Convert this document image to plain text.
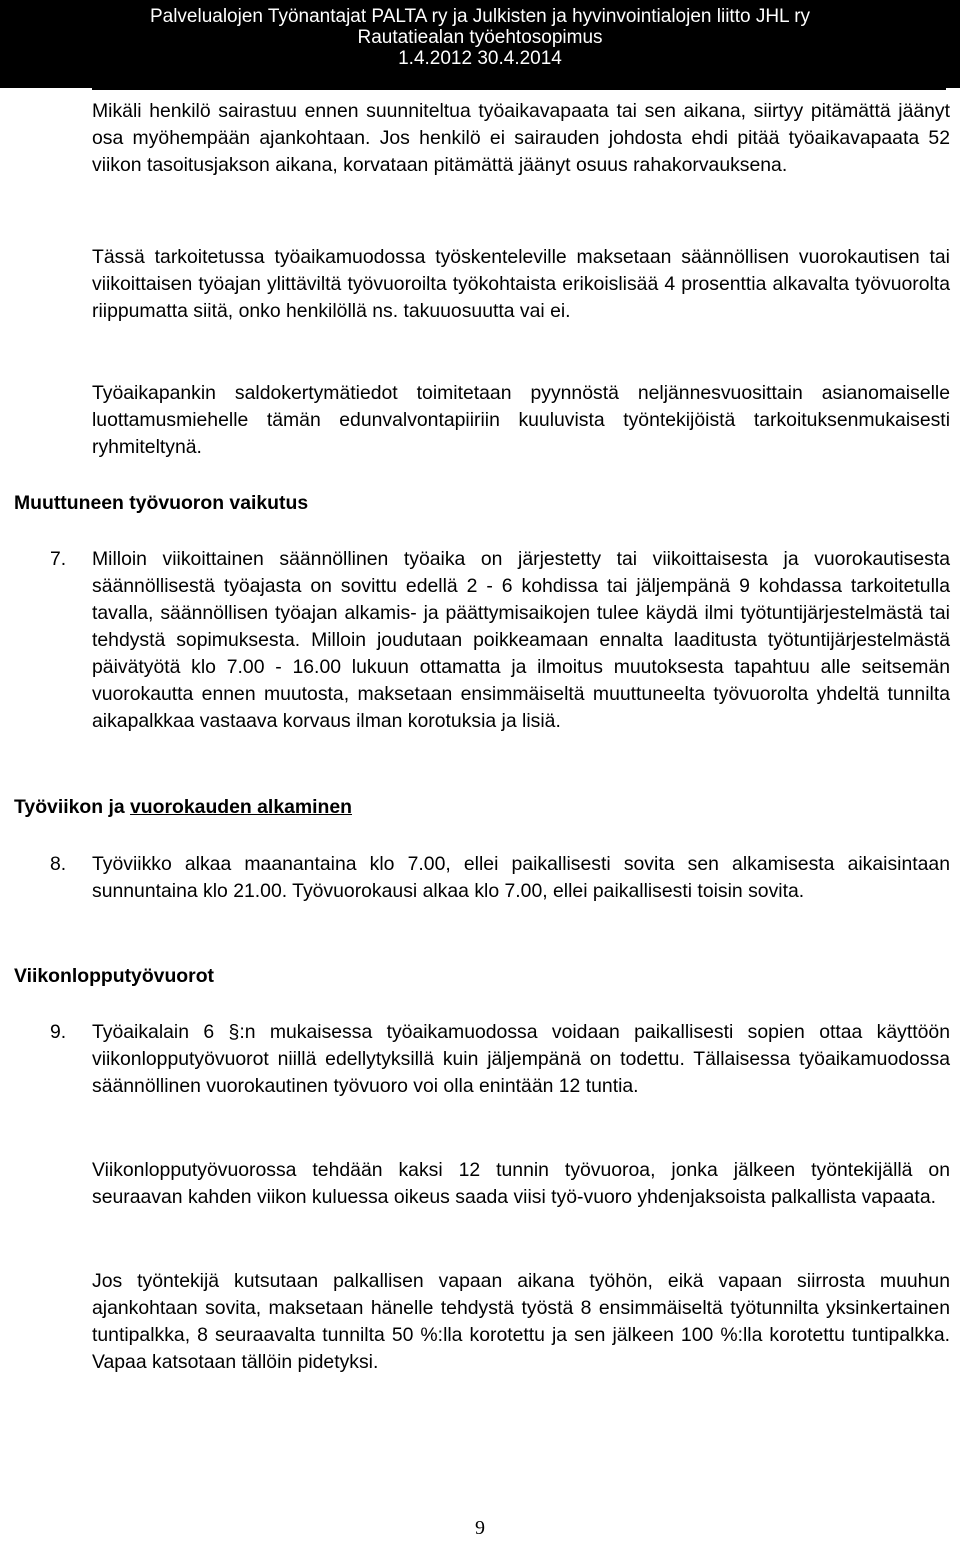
Palvelualojen Työnantajat PALTA ry ja Julkisten ja hyvinvointialojen liitto JHL ry
Rautatiealan työehtosopimus
1.4.2012 30.4.2014

Mikäli henkilö sairastuu ennen suunniteltua työaikavapaata tai sen aikana, siirtyy pitämättä jäänyt osa myöhempään ajankohtaan. Jos henkilö ei sairauden johdosta ehdi pitää työaikavapaata 52 viikon tasoitusjakson aikana, korvataan pitämättä jäänyt osuus rahakorvauksena.

Tässä tarkoitetussa työaikamuodossa työskenteleville maksetaan säännöllisen vuorokautisen tai viikoittaisen työajan ylittäviltä työvuoroilta työkohtaista erikoislisää 4 prosenttia alkavalta työvuorolta riippumatta siitä, onko henkilöllä ns. takuuosuutta vai ei.

Työaikapankin saldokertymätiedot toimitetaan pyynnöstä neljännesvuosittain asianomaiselle luottamusmiehelle tämän edunvalvontapiiriin kuuluvista työntekijöistä tarkoituksenmukaisesti ryhmiteltynä.

Muuttuneen työvuoron vaikutus
7. Milloin viikoittainen säännöllinen työaika on järjestetty tai viikoittaisesta ja vuorokautisesta säännöllisestä työajasta on sovittu edellä 2 - 6 kohdissa tai jäljempänä 9 kohdassa tarkoitetulla tavalla, säännöllisen työajan alkamis- ja päättymisaikojen tulee käydä ilmi työtuntijärjestelmästä tai tehdystä sopimuksesta. Milloin joudutaan poikkeamaan ennalta laaditusta työtuntijärjestelmästä päivätyötä klo 7.00 - 16.00 lukuun ottamatta ja ilmoitus muutoksesta tapahtuu alle seitsemän vuorokautta ennen muutosta, maksetaan ensimmäiseltä muuttuneelta työvuorolta yhdeltä tunnilta aikapalkkaa vastaava korvaus ilman korotuksia ja lisiä.

Työviikon ja vuorokauden alkaminen
8. Työviikko alkaa maanantaina klo 7.00, ellei paikallisesti sovita sen alkamisesta aikaisintaan sunnuntaina klo 21.00. Työvuorokausi alkaa klo 7.00, ellei paikallisesti toisin sovita.

Viikonlopputyövuorot
9. Työaikalain 6 §:n mukaisessa työaikamuodossa voidaan paikallisesti sopien ottaa käyttöön viikonlopputyövuorot niillä edellytyksillä kuin jäljempänä on todettu. Tällaisessa työaikamuodossa säännöllinen vuorokautinen työvuoro voi olla enintään 12 tuntia.

Viikonlopputyövuorossa tehdään kaksi 12 tunnin työvuoroa, jonka jälkeen työntekijällä on seuraavan kahden viikon kuluessa oikeus saada viisi työ-vuoro yhdenjaksoista palkallista vapaata.

Jos työntekijä kutsutaan palkallisen vapaan aikana työhön, eikä vapaan siirrosta muuhun ajankohtaan sovita, maksetaan hänelle tehdystä työstä 8 ensimmäiseltä työtunnilta yksinkertainen tuntipalkka, 8 seuraavalta tunnilta 50 %:lla korotettu ja sen jälkeen 100 %:lla korotettu tuntipalkka. Vapaa katsotaan tällöin pidetyksi.

9
